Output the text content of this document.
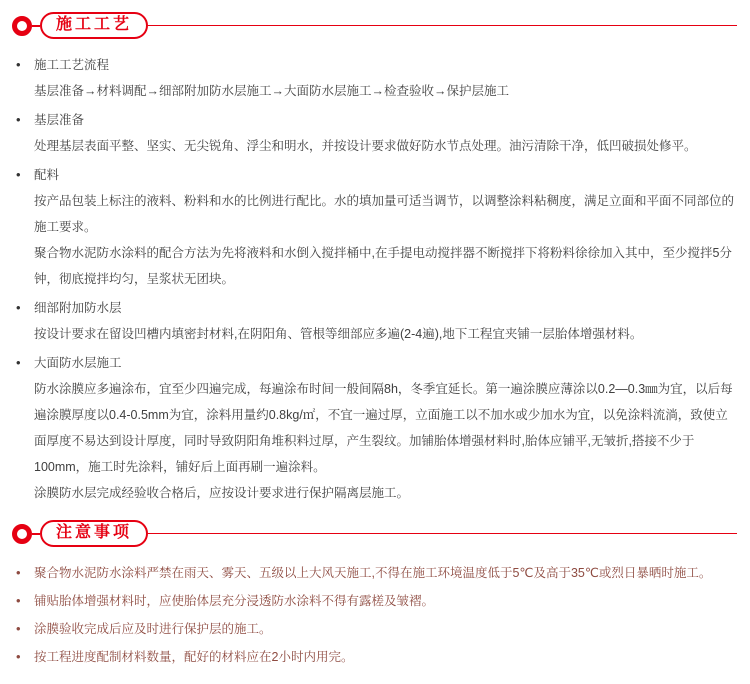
施工工艺
•	施工工艺流程

基层准备→材料调配→细部附加防水层施工→大面防水层施工→检查验收→保护层施工

•	基层准备

处理基层表面平整、坚实、无尖锐角、浮尘和明水，并按设计要求做好防水节点处理。油污清除干净，低凹破损处修平。

•	配料

按产品包装上标注的液料、粉料和水的比例进行配比。水的填加量可适当调节，以调整涂料粘稠度，满足立面和平面不同部位的施工要求。

聚合物水泥防水涂料的配合方法为先将液料和水倒入搅拌桶中,在手提电动搅拌器不断搅拌下将粉料徐徐加入其中，至少搅拌5分钟，彻底搅拌均匀，呈浆状无团块。

•	细部附加防水层

按设计要求在留设凹槽内填密封材料,在阴阳角、管根等细部应多遍(2-4遍),地下工程宜夹铺一层胎体增强材料。

•	大面防水层施工

防水涂膜应多遍涂布，宜至少四遍完成，每遍涂布时间一般间隔8h，冬季宜延长。第一遍涂膜应薄涂以0.2—0.3㎜为宜，以后每遍涂膜厚度以0.4-0.5mm为宜，涂料用量约0.8kg/㎡，不宜一遍过厚，立面施工以不加水或少加水为宜，以免涂料流淌，致使立面厚度不易达到设计厚度，同时导致阴阳角堆积料过厚，产生裂纹。加铺胎体增强材料时,胎体应铺平,无皱折,搭接不少于100mm，施工时先涂料，铺好后上面再刷一遍涂料。

涂膜防水层完成经验收合格后，应按设计要求进行保护隔离层施工。

注意事项
•	聚合物水泥防水涂料严禁在雨天、雾天、五级以上大风天施工,不得在施工环境温度低于5℃及高于35℃或烈日暴晒时施工。

•	铺贴胎体增强材料时，应使胎体层充分浸透防水涂料不得有露槎及皱褶。

•	涂膜验收完成后应及时进行保护层的施工。

•	按工程进度配制材料数量，配好的材料应在2小时内用完。
